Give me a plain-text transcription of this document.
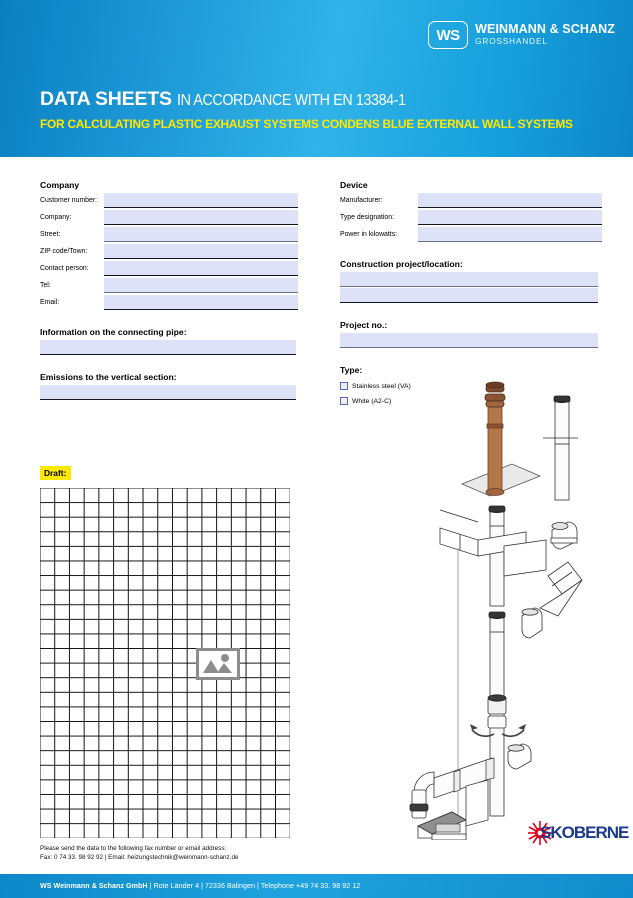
WS WEINMANN & SCHANZ
GROSSHANDEL
DATA SHEETS IN ACCORDANCE WITH EN 13384-1
FOR CALCULATING PLASTIC EXHAUST SYSTEMS CONDENS BLUE EXTERNAL WALL SYSTEMS
Company
Customer number:
Company:
Street:
ZIP code/Town:
Contact person:
Tel:
Email:
Information on the connecting pipe:
Emissions to the vertical section:
Device
Manufacturer:
Type designation:
Power in kilowatts:
Construction project/location:
Project no.:
Type:
Stainless steel (VA)
White (A2-C)
Draft:
SKOBERNE
Please send the data to the following fax number or email address:
Fax: 0 74 33. 98 92 92 | Email: heizungstechnik@weinmann-schanz.de
WS Weinmann & Schanz GmbH | Rote Länder 4 | 72336 Balingen | Telephone +49 74 33. 98 92 12
